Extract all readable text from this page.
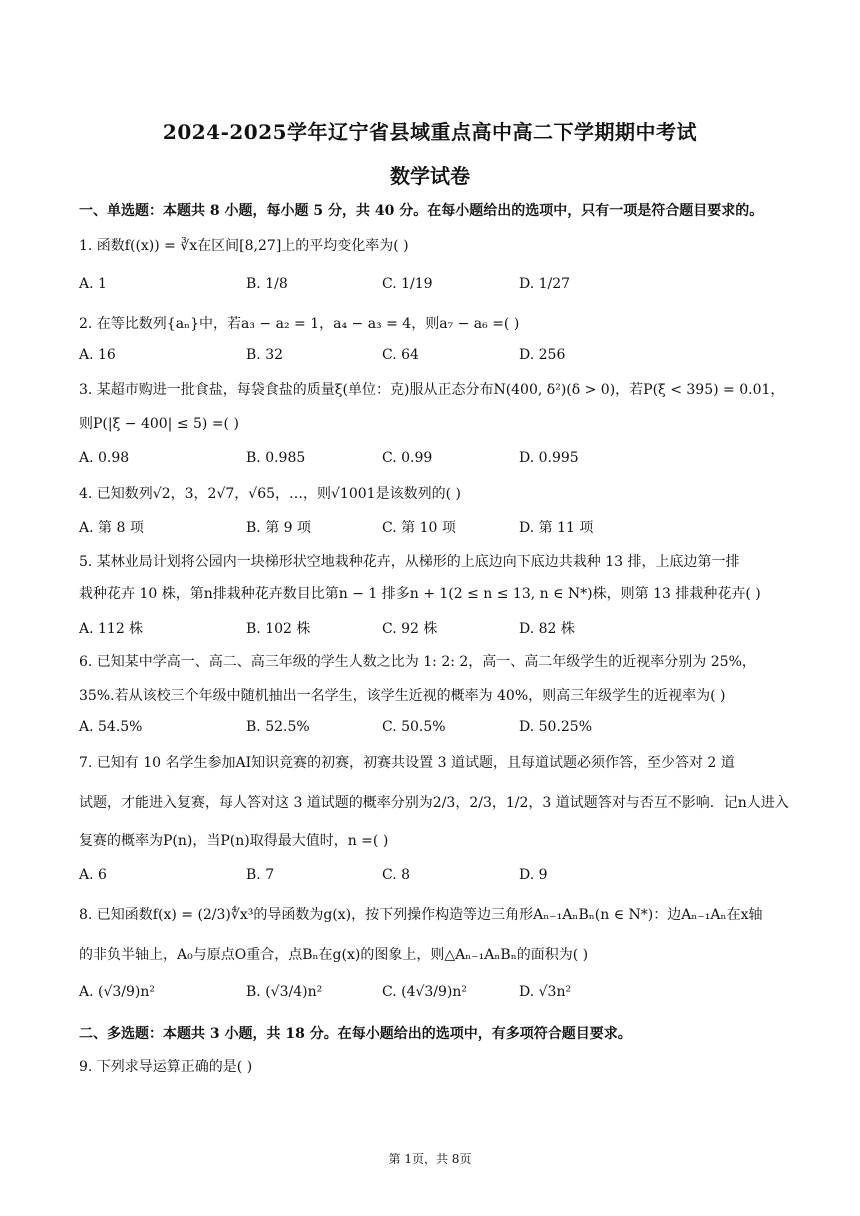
2024-2025学年辽宁省县域重点高中高二下学期期中考试
数学试卷
一、单选题：本题共 8 小题，每小题 5 分，共 40 分。在每小题给出的选项中，只有一项是符合题目要求的。
1. 函数f((x)) = ∛x在区间[8,27]上的平均变化率为( )
A. 1	B. 1/8	C. 1/19	D. 1/27
2. 在等比数列{aₙ}中，若a₃ − a₂ = 1，a₄ − a₃ = 4，则a₇ − a₆ =( )
A. 16	B. 32	C. 64	D. 256
3. 某超市购进一批食盐，每袋食盐的质量ξ(单位：克)服从正态分布N(400, δ²)(δ > 0)，若P(ξ < 395) = 0.01，
则P(|ξ − 400| ≤ 5) =( )
A. 0.98	B. 0.985	C. 0.99	D. 0.995
4. 已知数列√2，3，2√7，√65，…，则√1001是该数列的( )
A. 第 8 项	B. 第 9 项	C. 第 10 项	D. 第 11 项
5. 某林业局计划将公园内一块梯形状空地栽种花卉，从梯形的上底边向下底边共栽种 13 排，上底边第一排
栽种花卉 10 株，第n排栽种花卉数目比第n − 1 排多n + 1(2 ≤ n ≤ 13, n ∈ N*)株，则第 13 排栽种花卉( )
A. 112 株	B. 102 株	C. 92 株	D. 82 株
6. 已知某中学高一、高二、高三年级的学生人数之比为 1: 2: 2，高一、高二年级学生的近视率分别为 25%，
35%.若从该校三个年级中随机抽出一名学生，该学生近视的概率为 40%，则高三年级学生的近视率为( )
A. 54.5%	B. 52.5%	C. 50.5%	D. 50.25%
7. 已知有 10 名学生参加AI知识竞赛的初赛，初赛共设置 3 道试题，且每道试题必须作答，至少答对 2 道
试题，才能进入复赛，每人答对这 3 道试题的概率分别为2/3，2/3，1/2，3 道试题答对与否互不影响．记n人进入
复赛的概率为P(n)，当P(n)取得最大值时，n =( )
A. 6	B. 7	C. 8	D. 9
8. 已知函数f(x) = (2/3)∜x³的导函数为g(x)，按下列操作构造等边三角形Aₙ₋₁AₙBₙ(n ∈ N*)：边Aₙ₋₁Aₙ在x轴
的非负半轴上，A₀与原点O重合，点Bₙ在g(x)的图象上，则△Aₙ₋₁AₙBₙ的面积为( )
A. (√3/9)n²	B. (√3/4)n²	C. (4√3/9)n²	D. √3n²
二、多选题：本题共 3 小题，共 18 分。在每小题给出的选项中，有多项符合题目要求。
9. 下列求导运算正确的是( )
第 1页，共 8页
